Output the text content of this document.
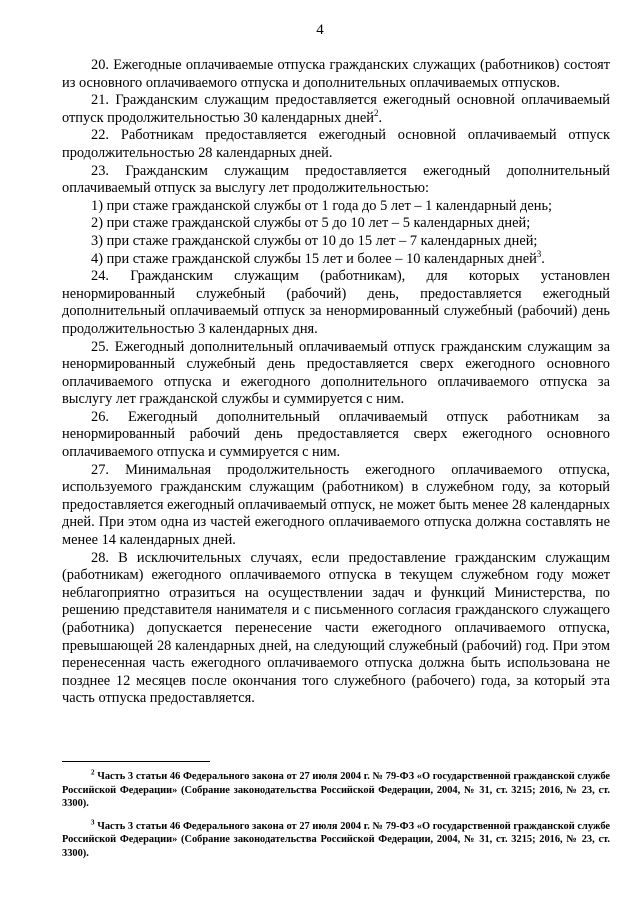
4

20. Ежегодные оплачиваемые отпуска гражданских служащих (работников) состоят из основного оплачиваемого отпуска и дополнительных оплачиваемых отпусков.

21. Гражданским служащим предоставляется ежегодный основной оплачиваемый отпуск продолжительностью 30 календарных дней$^2$.

22. Работникам предоставляется ежегодный основной оплачиваемый отпуск продолжительностью 28 календарных дней.

23. Гражданским служащим предоставляется ежегодный дополнительный оплачиваемый отпуск за выслугу лет продолжительностью:

1) при стаже гражданской службы от 1 года до 5 лет – 1 календарный день;

2) при стаже гражданской службы от 5 до 10 лет – 5 календарных дней;

3) при стаже гражданской службы от 10 до 15 лет – 7 календарных дней;

4) при стаже гражданской службы 15 лет и более – 10 календарных дней$^3$.

24. Гражданским служащим (работникам), для которых установлен ненормированный служебный (рабочий) день, предоставляется ежегодный дополнительный оплачиваемый отпуск за ненормированный служебный (рабочий) день продолжительностью 3 календарных дня.

25. Ежегодный дополнительный оплачиваемый отпуск гражданским служащим за ненормированный служебный день предоставляется сверх ежегодного основного оплачиваемого отпуска и ежегодного дополнительного оплачиваемого отпуска за выслугу лет гражданской службы и суммируется с ним.

26. Ежегодный дополнительный оплачиваемый отпуск работникам за ненормированный рабочий день предоставляется сверх ежегодного основного оплачиваемого отпуска и суммируется с ним.

27. Минимальная продолжительность ежегодного оплачиваемого отпуска, используемого гражданским служащим (работником) в служебном году, за который предоставляется ежегодный оплачиваемый отпуск, не может быть менее 28 календарных дней. При этом одна из частей ежегодного оплачиваемого отпуска должна составлять не менее 14 календарных дней.

28. В исключительных случаях, если предоставление гражданским служащим (работникам) ежегодного оплачиваемого отпуска в текущем служебном году может неблагоприятно отразиться на осуществлении задач и функций Министерства, по решению представителя нанимателя и с письменного согласия гражданского служащего (работника) допускается перенесение части ежегодного оплачиваемого отпуска, превышающей 28 календарных дней, на следующий служебный (рабочий) год. При этом перенесенная часть ежегодного оплачиваемого отпуска должна быть использована не позднее 12 месяцев после окончания того служебного (рабочего) года, за который эта часть отпуска предоставляется.

$^2$ Часть 3 статьи 46 Федерального закона от 27 июля 2004 г. № 79-ФЗ «О государственной гражданской службе Российской Федерации» (Собрание законодательства Российской Федерации, 2004, № 31, ст. 3215; 2016, № 23, ст. 3300).

$^3$ Часть 3 статьи 46 Федерального закона от 27 июля 2004 г. № 79-ФЗ «О государственной гражданской службе Российской Федерации» (Собрание законодательства Российской Федерации, 2004, № 31, ст. 3215; 2016, № 23, ст. 3300).
